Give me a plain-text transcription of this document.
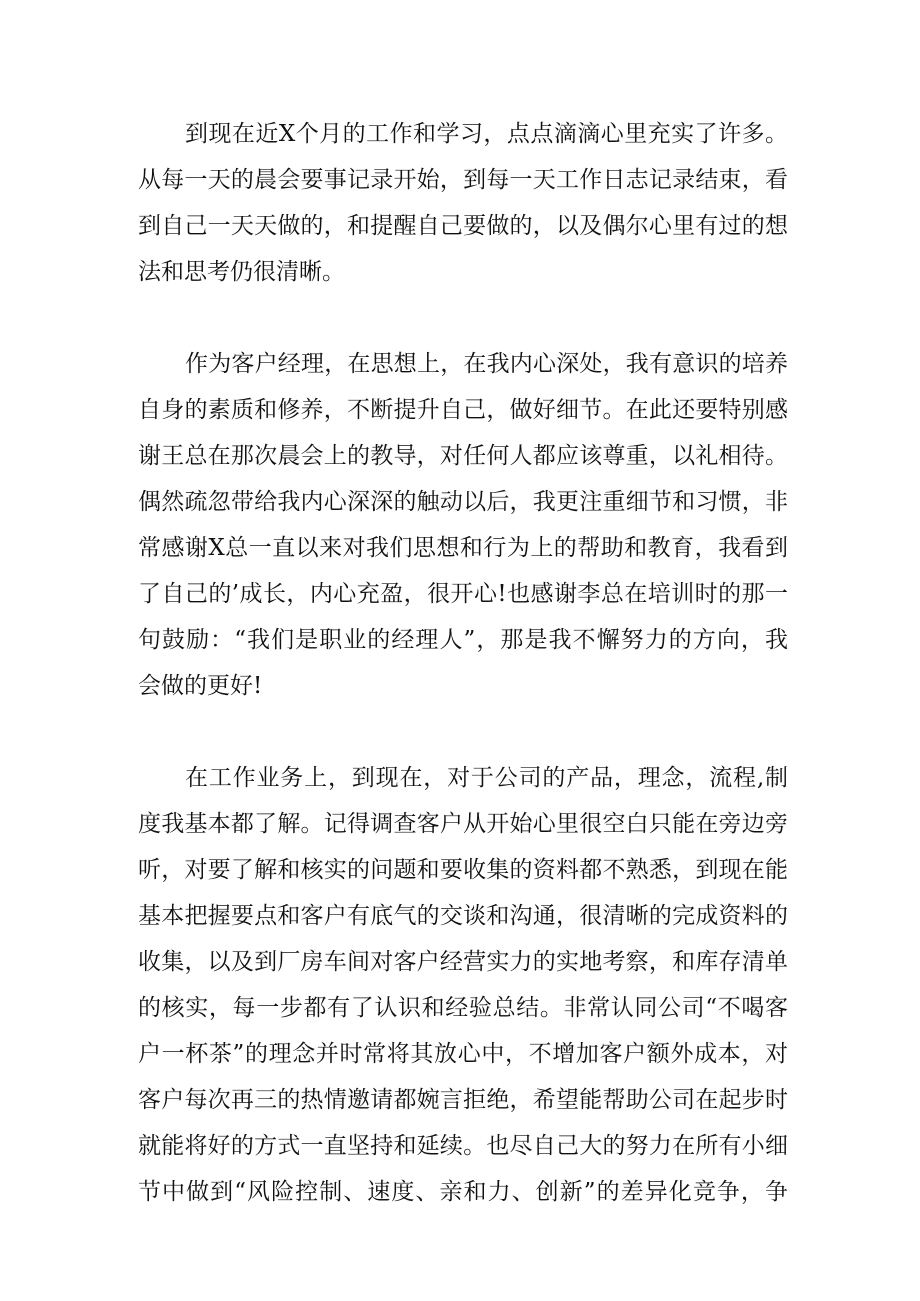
到现在近X个月的工作和学习，点点滴滴心里充实了许多。
从每一天的晨会要事记录开始，到每一天工作日志记录结束，看
到自己一天天做的，和提醒自己要做的，以及偶尔心里有过的想
法和思考仍很清晰。
作为客户经理，在思想上，在我内心深处，我有意识的培养
自身的素质和修养，不断提升自己，做好细节。在此还要特别感
谢王总在那次晨会上的教导，对任何人都应该尊重，以礼相待。
偶然疏忽带给我内心深深的触动以后，我更注重细节和习惯，非
常感谢X总一直以来对我们思想和行为上的帮助和教育，我看到
了自己的’成长，内心充盈，很开心!也感谢李总在培训时的那一
句鼓励：“我们是职业的经理人”，那是我不懈努力的方向，我
会做的更好!
在工作业务上，到现在，对于公司的产品，理念，流程,制
度我基本都了解。记得调查客户从开始心里很空白只能在旁边旁
听，对要了解和核实的问题和要收集的资料都不熟悉，到现在能
基本把握要点和客户有底气的交谈和沟通，很清晰的完成资料的
收集，以及到厂房车间对客户经营实力的实地考察，和库存清单
的核实，每一步都有了认识和经验总结。非常认同公司“不喝客
户一杯茶”的理念并时常将其放心中，不增加客户额外成本，对
客户每次再三的热情邀请都婉言拒绝，希望能帮助公司在起步时
就能将好的方式一直坚持和延续。也尽自己大的努力在所有小细
节中做到“风险控制、速度、亲和力、创新”的差异化竞争，争
